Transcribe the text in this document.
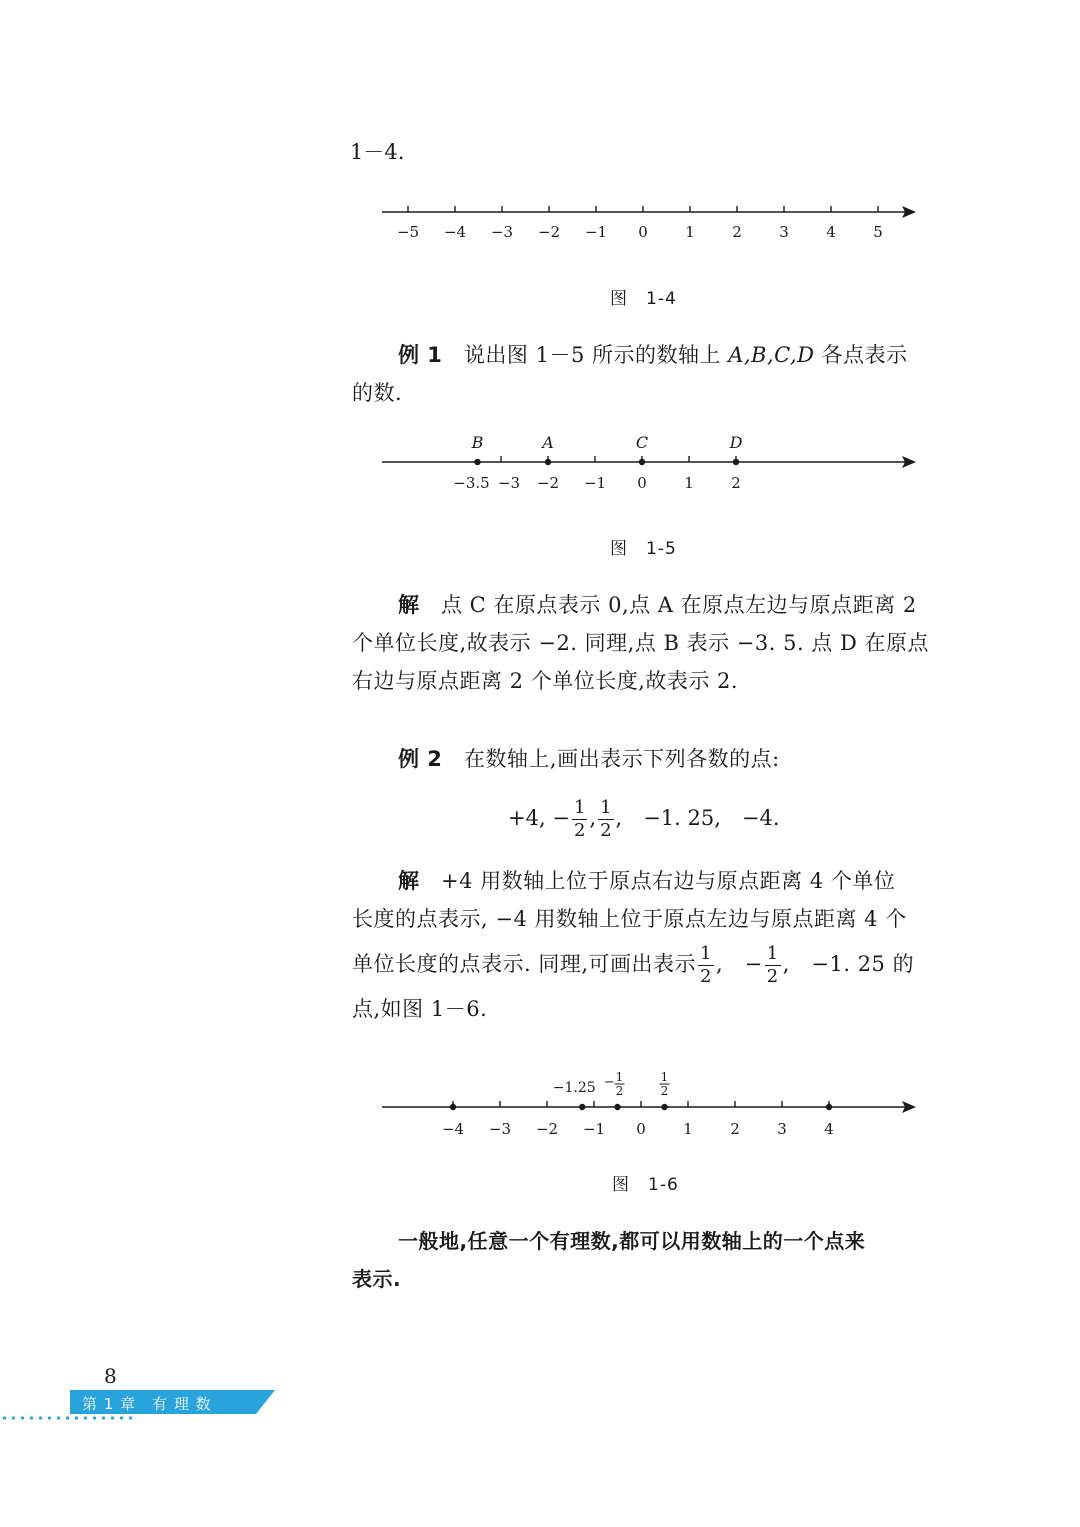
1－4.
−5 −4 −3 −2 −1 0 1 2 3 4 5
图　1-4
例 1　 说出图 1－5 所示的数轴上 A,B,C,D 各点表示
的数.
−3.5 −3 −2 −1 0 1 2
B	A	C	D
图　1-5
解　 点 C 在原点表示 0,点 A 在原点左边与原点距离 2
个单位长度,故表示 −2. 同理,点 B 表示 −3. 5. 点 D 在原点
右边与原点距离 2 个单位长度,故表示 2.
例 2　 在数轴上,画出表示下列各数的点:
+4, − $\frac{1}{2}$ , $\frac{1}{2}$ ,　−1. 25,　−4.
解　 +4 用数轴上位于原点右边与原点距离 4 个单位
长度的点表示, −4 用数轴上位于原点左边与原点距离 4 个
单位长度的点表示. 同理,可画出表示 $\frac{1}{2}$ ,　− $\frac{1}{2}$ ,　−1. 25 的
点,如图 1－6.
−4 −3 −2 −1 0 1 2 3 4
−1.25 − 1
2
1
2
图　1-6
一般地,任意一个有理数,都可以用数轴上的一个点来
表示.
8
第 1 章　有 理 数
